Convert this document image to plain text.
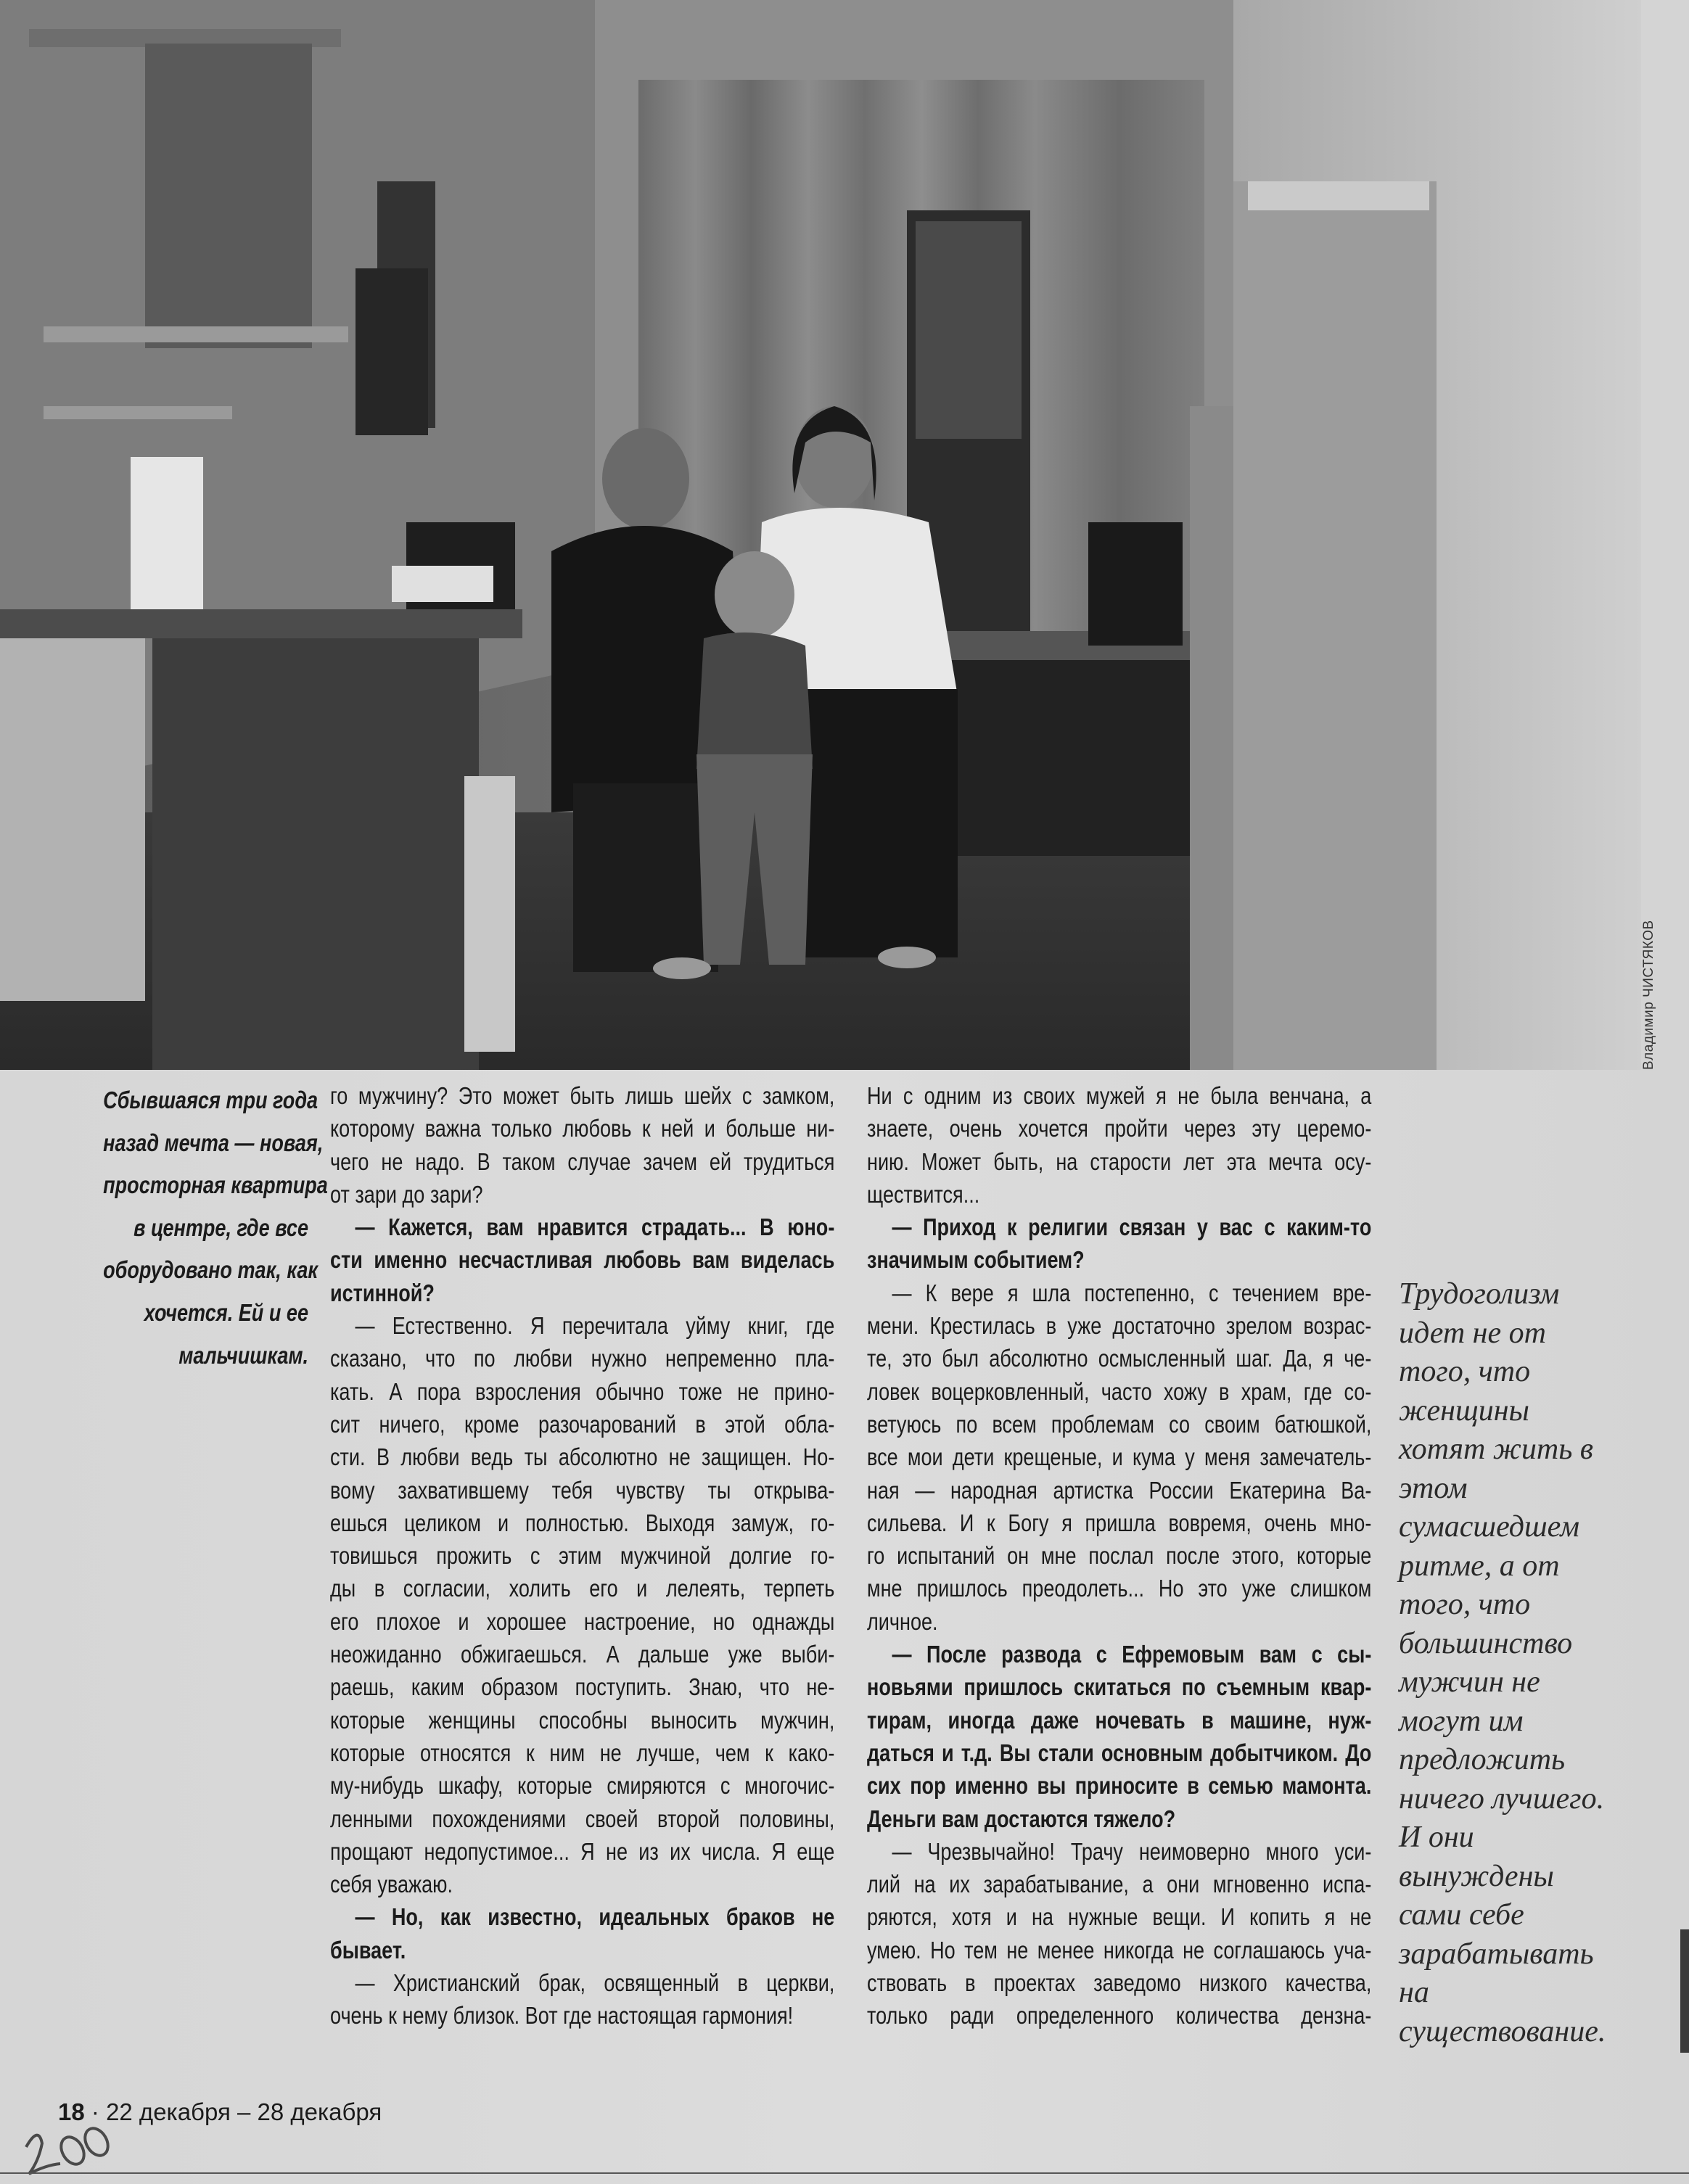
Владимир ЧИСТЯКОВ
Сбывшаяся три года
назад мечта — новая,
просторная квартира
в центре, где все
оборудовано так, как
хочется. Ей и ее
мальчишкам.
го мужчину? Это может быть лишь шейх с замком,
которому важна только любовь к ней и больше ни-
чего не надо. В таком случае зачем ей трудиться
от зари до зари?
— Кажется, вам нравится страдать... В юно-
сти именно несчастливая любовь вам виделась
истинной?
— Естественно. Я перечитала уйму книг, где
сказано, что по любви нужно непременно пла-
кать. А пора взросления обычно тоже не прино-
сит ничего, кроме разочарований в этой обла-
сти. В любви ведь ты абсолютно не защищен. Но-
вому захватившему тебя чувству ты открыва-
ешься целиком и полностью. Выходя замуж, го-
товишься прожить с этим мужчиной долгие го-
ды в согласии, холить его и лелеять, терпеть
его плохое и хорошее настроение, но однажды
неожиданно обжигаешься. А дальше уже выби-
раешь, каким образом поступить. Знаю, что не-
которые женщины способны выносить мужчин,
которые относятся к ним не лучше, чем к како-
му-нибудь шкафу, которые смиряются с многочис-
ленными похождениями своей второй половины,
прощают недопустимое... Я не из их числа. Я еще
себя уважаю.
— Но, как известно, идеальных браков не
бывает.
— Христианский брак, освященный в церкви,
очень к нему близок. Вот где настоящая гармония!
Ни с одним из своих мужей я не была венчана, а
знаете, очень хочется пройти через эту церемо-
нию. Может быть, на старости лет эта мечта осу-
ществится...
— Приход к религии связан у вас с каким-то
значимым событием?
— К вере я шла постепенно, с течением вре-
мени. Крестилась в уже достаточно зрелом возрас-
те, это был абсолютно осмысленный шаг. Да, я че-
ловек воцерковленный, часто хожу в храм, где со-
ветуюсь по всем проблемам со своим батюшкой,
все мои дети крещеные, и кума у меня замечатель-
ная — народная артистка России Екатерина Ва-
сильева. И к Богу я пришла вовремя, очень мно-
го испытаний он мне послал после этого, которые
мне пришлось преодолеть... Но это уже слишком
личное.
— После развода с Ефремовым вам с сы-
новьями пришлось скитаться по съемным квар-
тирам, иногда даже ночевать в машине, нуж-
даться и т.д. Вы стали основным добытчиком. До
сих пор именно вы приносите в семью мамонта.
Деньги вам достаются тяжело?
— Чрезвычайно! Трачу неимоверно много уси-
лий на их зарабатывание, а они мгновенно испа-
ряются, хотя и на нужные вещи. И копить я не
умею. Но тем не менее никогда не соглашаюсь уча-
ствовать в проектах заведомо низкого качества,
только ради определенного количества дензна-
Трудоголизм
идет не от
того, что
женщины
хотят жить в
этом
сумасшедшем
ритме, а от
того, что
большинство
мужчин не
могут им
предложить
ничего лучшего.
И они
вынуждены
сами себе
зарабатывать
на
существование.
18 · 22 декабря – 28 декабря
